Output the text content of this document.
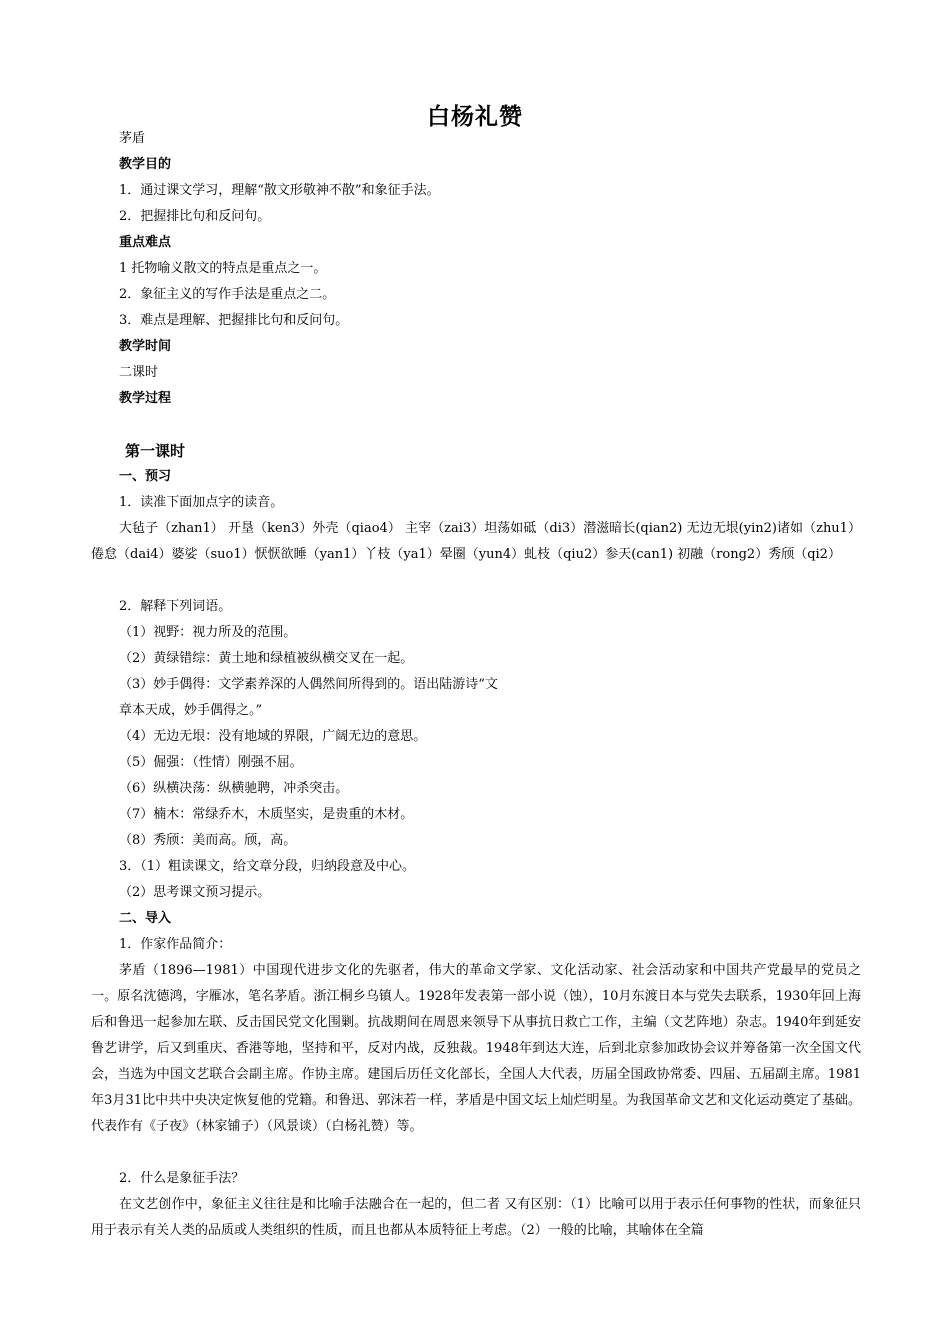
白杨礼赞
茅盾
教学目的
1．通过课文学习，理解“散文形敬神不散”和象征手法。
2．把握排比句和反问句。
重点难点
1 托物喻义散文的特点是重点之一。
2．象征主义的写作手法是重点之二。
3．难点是理解、把握排比句和反问句。
教学时间
二课时
教学过程
第一课时
一、预习
1．读准下面加点字的读音。
大毡子（zhan1） 开垦（ken3）外壳（qiao4） 主宰（zai3）坦荡如砥（di3）潜滋暗长(qian2) 无边无垠(yin2)诸如（zhu1）倦怠（dai4）婆娑（suo1）恹恹欲睡（yan1）丫枝（ya1）晕圈（yun4）虬枝（qiu2）参天(can1) 初融（rong2）秀颀（qi2）
2．解释下列词语。
（1）视野：视力所及的范围。
（2）黄绿错综：黄土地和绿植被纵横交叉在一起。
（3）妙手偶得：文学素养深的人偶然间所得到的。语出陆游诗“文
章本天成，妙手偶得之。”
（4）无边无垠：没有地域的界限，广阔无边的意思。
（5）倔强：（性情）刚强不屈。
（6）纵横决荡：纵横驰聘，冲杀突击。
（7）楠木：常绿乔木，木质坚实，是贵重的木材。
（8）秀颀：美而高。颀，高。
3．（1）粗读课文，给文章分段，归纳段意及中心。
（2）思考课文预习提示。
二、导入
1．作家作品简介：
茅盾（1896—1981）中国现代进步文化的先驱者，伟大的革命文学家、文化活动家、社会活动家和中国共产党最早的党员之一。原名沈德鸿，字雁冰，笔名茅盾。浙江桐乡乌镇人。1928年发表第一部小说（蚀），10月东渡日本与党失去联系，1930年回上海后和鲁迅一起参加左联、反击国民党文化围剿。抗战期间在周恩来领导下从事抗日救亡工作，主编（文艺阵地）杂志。1940年到延安鲁艺讲学，后又到重庆、香港等地，坚持和平，反对内战，反独裁。1948年到达大连，后到北京参加政协会议并筹备第一次全国文代会，当选为中国文艺联合会副主席。作协主席。建国后历任文化部长，全国人大代表，历届全国政协常委、四届、五届副主席。1981年3月31比中共中央决定恢复他的党籍。和鲁迅、郭沫若一样，茅盾是中国文坛上灿烂明星。为我国革命文艺和文化运动奠定了基础。代表作有《子夜》（林家铺子）（风景谈）（白杨礼赞）等。
2．什么是象征手法？
在文艺创作中，象征主义往往是和比喻手法融合在一起的，但二者 又有区别：（1）比喻可以用于表示任何事物的性状，而象征只用于表示有关人类的品质或人类组织的性质，而且也都从本质特征上考虑。（2）一般的比喻，其喻体在全篇
